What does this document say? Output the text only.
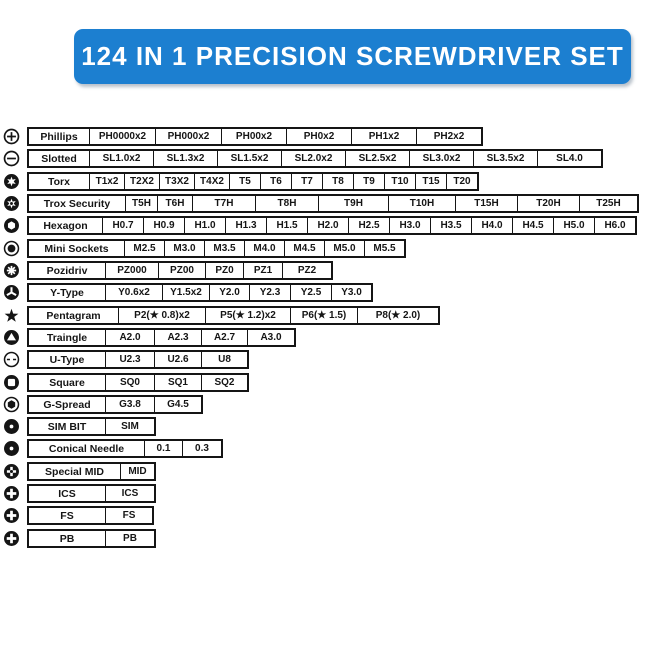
124 IN 1 PRECISION SCREWDRIVER SET
Phillips	PH0000x2	PH000x2	PH00x2	PH0x2	PH1x2	PH2x2
Slotted	SL1.0x2	SL1.3x2	SL1.5x2	SL2.0x2	SL2.5x2	SL3.0x2	SL3.5x2	SL4.0
Torx	T1x2	T2X2	T3X2	T4X2	T5	T6	T7	T8	T9	T10	T15	T20
Trox Security	T5H	T6H	T7H	T8H	T9H	T10H	T15H	T20H	T25H
Hexagon	H0.7	H0.9	H1.0	H1.3	H1.5	H2.0	H2.5	H3.0	H3.5	H4.0	H4.5	H5.0	H6.0
Mini Sockets	M2.5	M3.0	M3.5	M4.0	M4.5	M5.0	M5.5
Pozidriv	PZ000	PZ00	PZ0	PZ1	PZ2
Y-Type	Y0.6x2	Y1.5x2	Y2.0	Y2.3	Y2.5	Y3.0
Pentagram	P2(★ 0.8)x2	P5(★ 1.2)x2	P6(★ 1.5)	P8(★ 2.0)
Traingle	A2.0	A2.3	A2.7	A3.0
U-Type	U2.3	U2.6	U8
Square	SQ0	SQ1	SQ2
G-Spread	G3.8	G4.5
SIM BIT	SIM
Conical Needle	0.1	0.3
Special MID	MID
ICS	ICS
FS	FS
PB	PB
